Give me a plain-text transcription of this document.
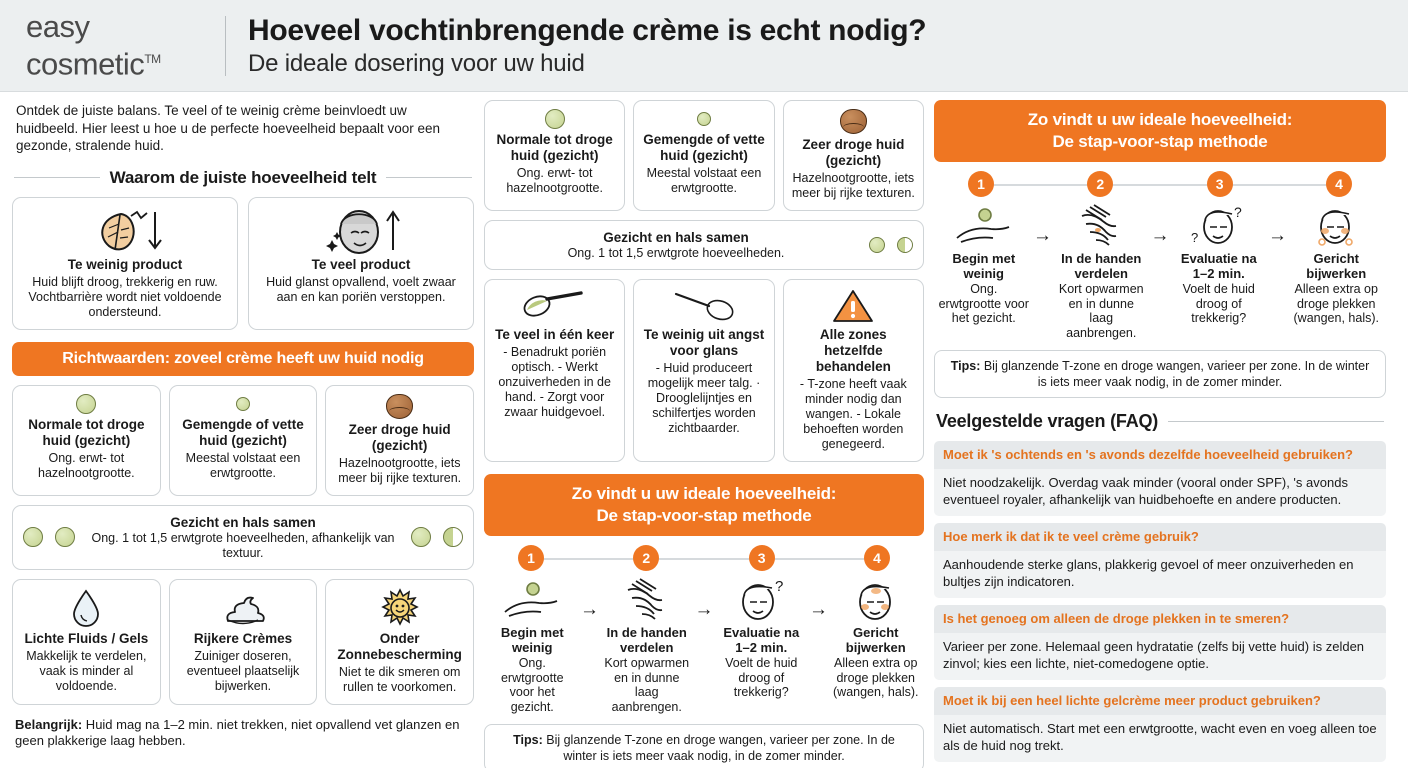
easy
cosmetic™
Hoeveel vochtinbrengende crème is echt nodig?
De ideale dosering voor uw huid
Ontdek de juiste balans. Te veel of te weinig crème beinvloedt uw huidbeeld. Hier leest u hoe u de perfecte hoeveelheid bepaalt voor een gezonde, stralende huid.
Waarom de juiste hoeveelheid telt
Te weinig product
Huid blijft droog, trekkerig en ruw. Vochtbarrière wordt niet voldoende ondersteund.
Te veel product
Huid glanst opvallend, voelt zwaar aan en kan poriën verstoppen.
Richtwaarden: zoveel crème heeft uw huid nodig
Normale tot droge huid (gezicht)
Ong. erwt- tot hazelnootgrootte.
Gemengde of vette huid (gezicht)
Meestal volstaat een erwtgrootte.
Zeer droge huid (gezicht)
Hazelnootgrootte, iets meer bij rijke texturen.
Gezicht en hals samen
Ong. 1 tot 1,5 erwtgrote hoeveelheden, afhankelijk van textuur.
Lichte Fluids / Gels
Makkelijk te verdelen, vaak is minder al voldoende.
Rijkere Crèmes
Zuiniger doseren, eventueel plaatselijk bijwerken.
Onder Zonnebescherming
Niet te dik smeren om rullen te voorkomen.
Belangrijk: Huid mag na 1–2 min. niet trekken, niet opvallend vet glanzen en geen plakkerige laag hebben.
Normale tot droge huid (gezicht)
Ong. erwt- tot hazelnootgrootte.
Gemengde of vette huid (gezicht)
Meestal volstaat een erwtgrootte.
Zeer droge huid (gezicht)
Hazelnootgrootte, iets meer bij rijke texturen.
Gezicht en hals samen
Ong. 1 tot 1,5 erwtgrote hoeveelheden.
Te veel in één keer
- Benadrukt poriën optisch. - Werkt onzuiverheden in de hand. - Zorgt voor zwaar huidgevoel.
Te weinig uit angst voor glans
- Huid produceert mogelijk meer talg. · Drooglelijntjes en schilfertjes worden zichtbaarder.
Alle zones hetzelfde behandelen
- T-zone heeft vaak minder nodig dan wangen. - Lokale behoeften worden genegeerd.
Zo vindt u uw ideale hoeveelheid:
De stap-voor-stap methode
1	2	3	4
Begin met weinig
Ong. erwtgrootte voor het gezicht.
→
In de handen verdelen
Kort opwarmen en in dunne laag aanbrengen.
→
?
Evaluatie na 1–2 min.
Voelt de huid droog of trekkerig?
→
Gericht bijwerken
Alleen extra op droge plekken (wangen, hals).
Tips: Bij glanzende T-zone en droge wangen, varieer per zone. In de winter is iets meer vaak nodig, in de zomer minder.
Zo vindt u uw ideale hoeveelheid:
De stap-voor-stap methode
1	2	3	4
Begin met weinig
Ong. erwtgrootte voor het gezicht.
→
In de handen verdelen
Kort opwarmen en in dunne laag aanbrengen.
→
?
?
Evaluatie na 1–2 min.
Voelt de huid droog of trekkerig?
→
Gericht bijwerken
Alleen extra op droge plekken (wangen, hals).
Tips: Bij glanzende T-zone en droge wangen, varieer per zone. In de winter is iets meer vaak nodig, in de zomer minder.
Veelgestelde vragen (FAQ)
Moet ik 's ochtends en 's avonds dezelfde hoeveelheid gebruiken?
Niet noodzakelijk. Overdag vaak minder (vooral onder SPF), 's avonds eventueel royaler, afhankelijk van huidbehoefte en andere producten.
Hoe merk ik dat ik te veel crème gebruik?
Aanhoudende sterke glans, plakkerig gevoel of meer onzuiverheden en bultjes zijn indicatoren.
Is het genoeg om alleen de droge plekken in te smeren?
Varieer per zone. Helemaal geen hydratatie (zelfs bij vette huid) is zelden zinvol; kies een lichte, niet-comedogene optie.
Moet ik bij een heel lichte gelcrème meer product gebruiken?
Niet automatisch. Start met een erwtgrootte, wacht even en voeg alleen toe als de huid nog trekt.
